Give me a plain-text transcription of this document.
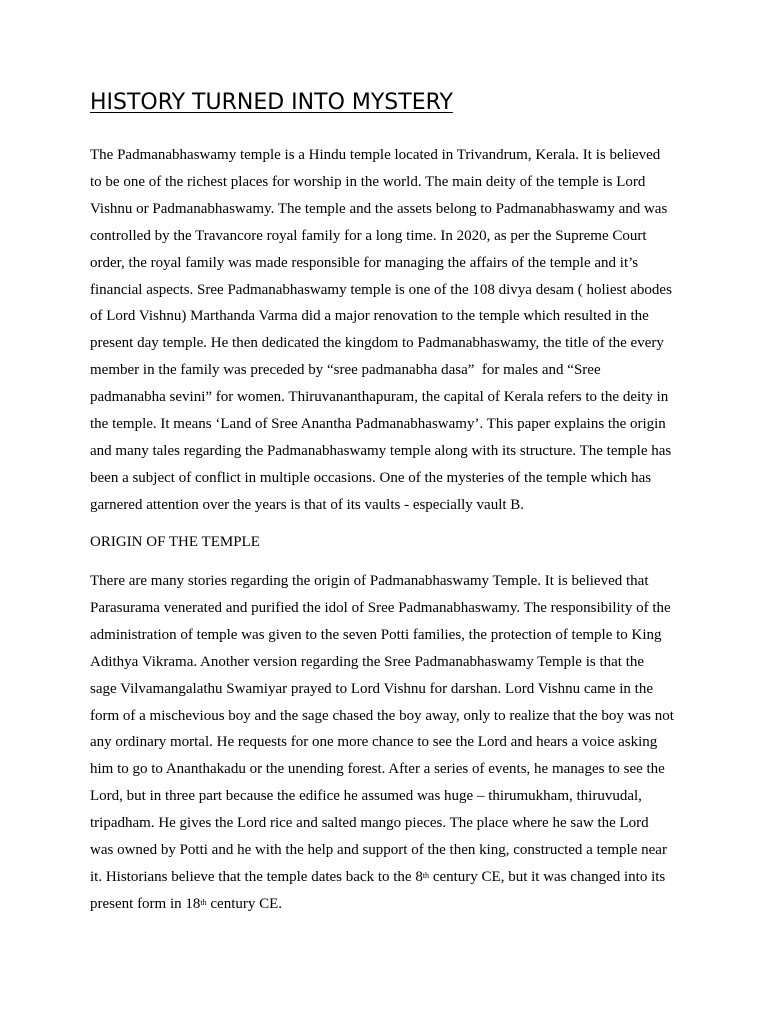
HISTORY TURNED INTO MYSTERY
The Padmanabhaswamy temple is a Hindu temple located in Trivandrum, Kerala. It is believed
to be one of the richest places for worship in the world. The main deity of the temple is Lord
Vishnu or Padmanabhaswamy. The temple and the assets belong to Padmanabhaswamy and was
controlled by the Travancore royal family for a long time. In 2020, as per the Supreme Court
order, the royal family was made responsible for managing the affairs of the temple and it’s
financial aspects. Sree Padmanabhaswamy temple is one of the 108 divya desam ( holiest abodes
of Lord Vishnu) Marthanda Varma did a major renovation to the temple which resulted in the
present day temple. He then dedicated the kingdom to Padmanabhaswamy, the title of the every
member in the family was preceded by “sree padmanabha dasa”  for males and “Sree
padmanabha sevini” for women. Thiruvananthapuram, the capital of Kerala refers to the deity in
the temple. It means ‘Land of Sree Anantha Padmanabhaswamy’. This paper explains the origin
and many tales regarding the Padmanabhaswamy temple along with its structure. The temple has
been a subject of conflict in multiple occasions. One of the mysteries of the temple which has
garnered attention over the years is that of its vaults - especially vault B.
ORIGIN OF THE TEMPLE
There are many stories regarding the origin of Padmanabhaswamy Temple. It is believed that
Parasurama venerated and purified the idol of Sree Padmanabhaswamy. The responsibility of the
administration of temple was given to the seven Potti families, the protection of temple to King
Adithya Vikrama. Another version regarding the Sree Padmanabhaswamy Temple is that the
sage Vilvamangalathu Swamiyar prayed to Lord Vishnu for darshan. Lord Vishnu came in the
form of a mischevious boy and the sage chased the boy away, only to realize that the boy was not
any ordinary mortal. He requests for one more chance to see the Lord and hears a voice asking
him to go to Ananthakadu or the unending forest. After a series of events, he manages to see the
Lord, but in three part because the edifice he assumed was huge – thirumukham, thiruvudal,
tripadham. He gives the Lord rice and salted mango pieces. The place where he saw the Lord
was owned by Potti and he with the help and support of the then king, constructed a temple near
it. Historians believe that the temple dates back to the 8th century CE, but it was changed into its
present form in 18th century CE.
